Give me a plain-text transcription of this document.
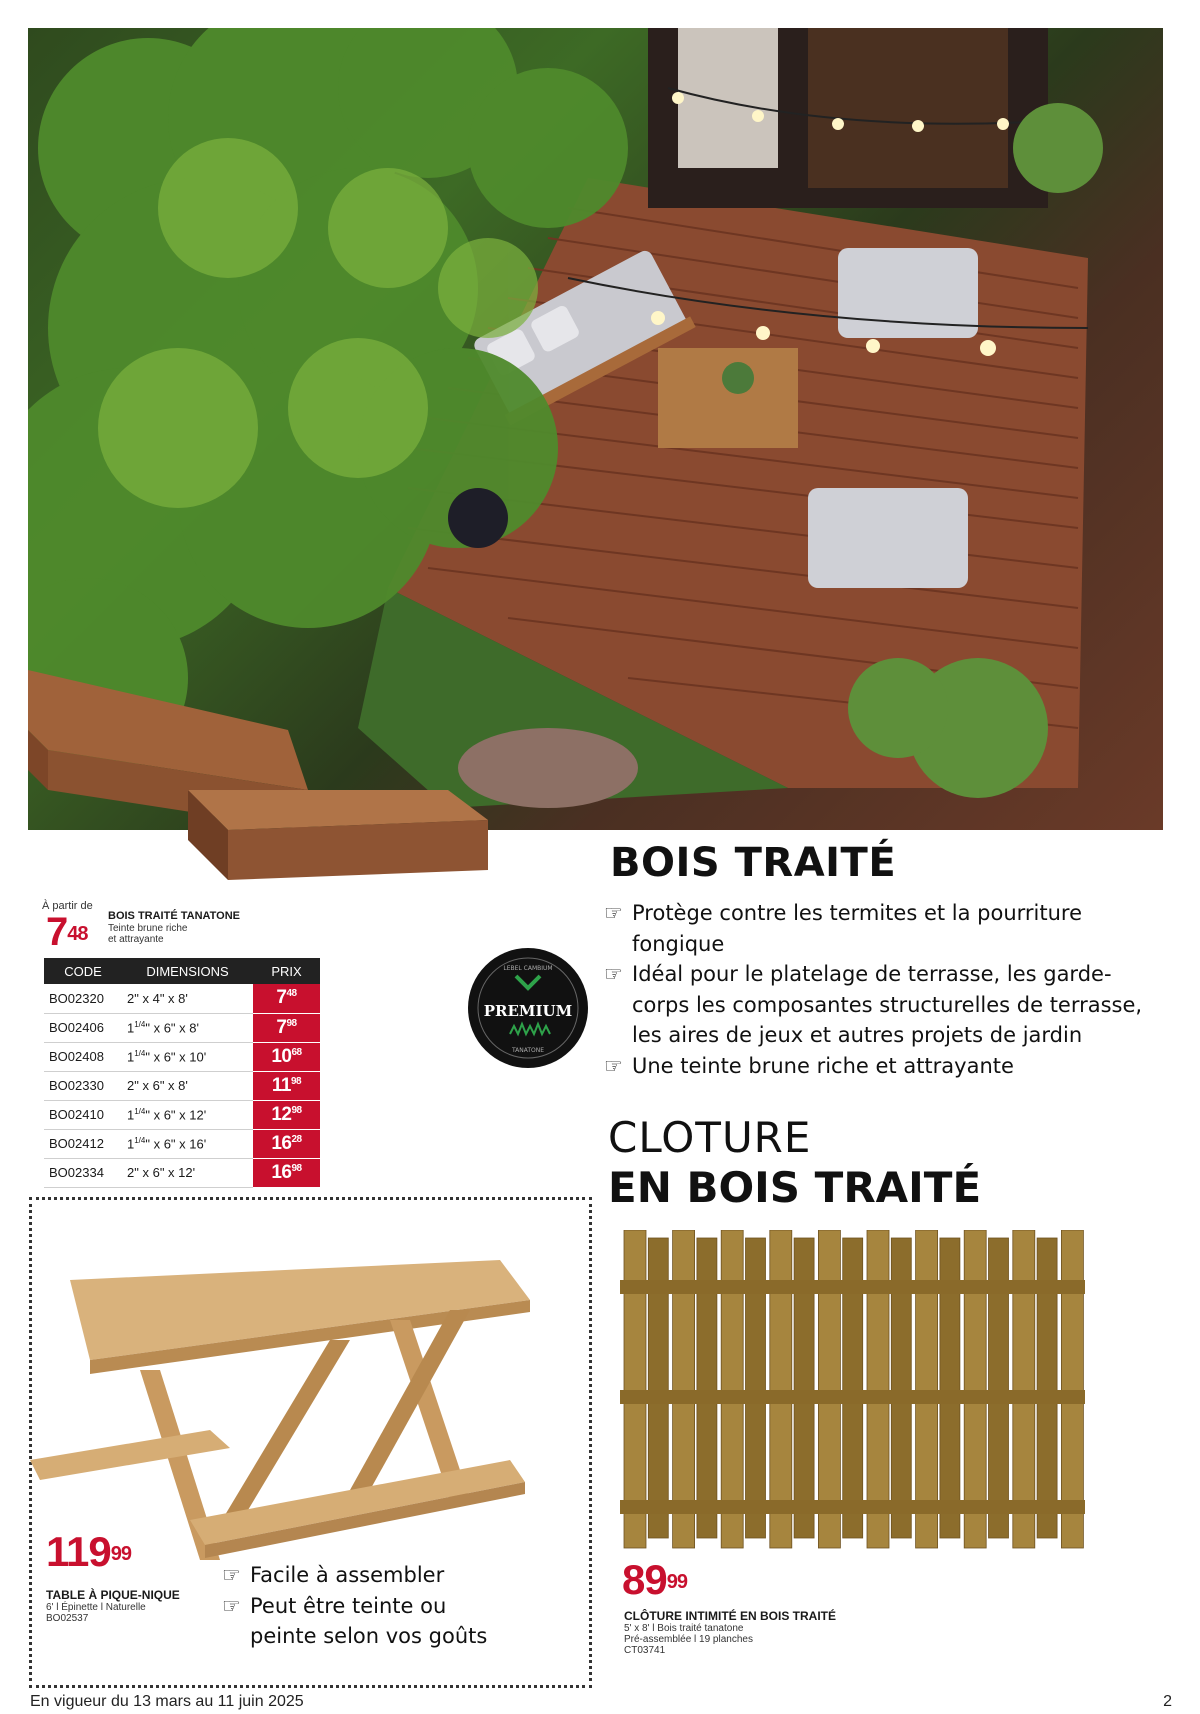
À partir de
$7^{48}$
BOIS TRAITÉ TANATONE
Teinte brune riche
et attrayante
CODE	DIMENSIONS	PRIX
BO02320	2" x 4" x 8'	$7^{48}$
BO02406	$1^{1/4}$" x 6" x 8'	$7^{98}$
BO02408	$1^{1/4}$" x 6" x 10'	$10^{68}$
BO02330	2" x 6" x 8'	$11^{98}$
BO02410	$1^{1/4}$" x 6" x 12'	$12^{98}$
BO02412	$1^{1/4}$" x 6" x 16'	$16^{28}$
BO02334	2" x 6" x 12'	$16^{98}$
PREMIUM
LEBEL CAMBIUM
TANATONE
BOIS TRAITÉ
☞ Protège contre les termites et la pourriture
fongique
☞ Idéal pour le platelage de terrasse, les garde-
corps les composantes structurelles de terrasse,
les aires de jeux et autres projets de jardin
☞ Une teinte brune riche et attrayante
CLOTURE
EN BOIS TRAITÉ
$119^{99}$
TABLE À PIQUE-NIQUE
6' l Épinette l Naturelle
BO02537
☞ Facile à assembler
☞ Peut être teinte ou
peinte selon vos goûts
$89^{99}$
CLÔTURE INTIMITÉ EN BOIS TRAITÉ
5' x 8' l Bois traité tanatone
Pré-assemblée l 19 planches
CT03741
En vigueur du 13 mars au 11 juin 2025	2
